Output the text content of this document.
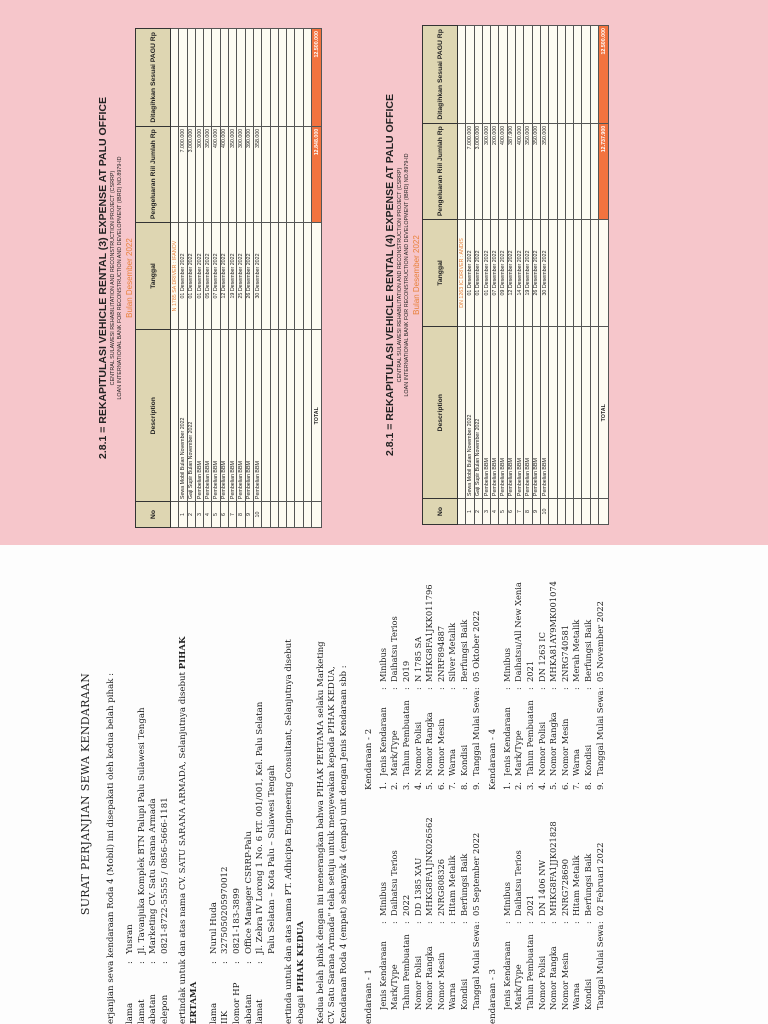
2.8.1 = REKAPITULASI VEHICLE RENTAL (3) EXPENSE AT PALU OFFICE CENTRAL SULAWESI REHABILITATION AND RECONSTRUCTION PROJECT (CSRRP) LOAN INTERNATIONAL BANK FOR RECONSTRUCTION AND DEVELOPMENT (IBRD) NO.8979-ID Bulan Desember 2022
No	Description	Tanggal	Pengeluaran Riil Jumlah Rp	Ditagihkan Sesuai PAGU Rp
		N 1785 SA DRIVER : IFANOV		
1	Sewa Mobil Bulan November 2022	01 Desember 2022	7.000.000	
2	Gaji Supir Bulan November 2022	01 Desember 2022	3.000.000	
3	Pembelian BBM	01 Desember 2022	300.000	
4	Pembelian BBM	05 Desember 2022	350.000	
5	Pembelian BBM	07 Desember 2022	400.000	
6	Pembelian BBM	12 Desember 2022	400.000	
7	Pembelian BBM	19 Desember 2022	350.000	
8	Pembelian BBM	25 Desember 2022	300.000	
9	Pembelian BBM	26 Desember 2022	390.000	
10	Pembelian BBM	30 Desember 2022	358.000	

	TOTAL		12.848.000	12.500.000
2.8.1 = REKAPITULASI VEHICLE RENTAL (4) EXPENSE AT PALU OFFICE CENTRAL SULAWESI REHABILITATION AND RECONSTRUCTION PROJECT (CSRRP) LOAN INTERNATIONAL BANK FOR RECONSTRUCTION AND DEVELOPMENT (IBRD) NO.8979-ID Bulan Desember 2022
No	Description	Tanggal	Pengeluaran Riil Jumlah Rp	Ditagihkan Sesuai PAGU Rp
		DN 1263 IC DRIVER : ANDIS		
1	Sewa Mobil Bulan November 2022	01 Desember 2022	7.000.000	
2	Gaji Supir Bulan November 2022	01 Desember 2022	3.000.000	
3	Pembelian BBM	01 Desember 2022	300.000	
4	Pembelian BBM	07 Desember 2022	200.000	
5	Pembelian BBM	09 Desember 2022	400.000	
6	Pembelian BBM	12 Desember 2022	387.900	
7	Pembelian BBM	14 Desember 2022	400.000	
8	Pembelian BBM	19 Desember 2022	350.000	
9	Pembelian BBM	26 Desember 2022	350.000	
10	Pembelian BBM	30 Desember 2022	350.000	

	TOTAL		12.737.900	12.500.000
SURAT PERJANJIAN SEWA KENDARAAN erjanjian sewa kendaraan Roda 4 (Mobil) ini disepakati oleh kedua belah pihak : lama
:
Yusran
lamat
:
Jl. Tavanjuka Komplek BTN Palupi Palu Sulawesi Tengah
abatan
:
Marketing CV. Satu Sarana Armada
elepon
:
0821-8722-55555 / 0856-5666-1181 ertindak untuk dan atas nama CV. SATU SARANA ARMADA, Selanjutnya disebut PIHAK
ERTAMA lama
:
Nurul Huda
IIK
:
3275050205970012
lomor HP
:
0821-183-3899
abatan
:
Office Manager CSRRP-Palu
lamat
:
Jl. Zebra IV Lorong 1 No. 6 RT. 001/001, Kel. Palu Selatan Palu Selatan – Kota Palu – Sulawesi Tengah ertinda untuk dan atas nama PT. Adhicipta Engineering Consultant, Selanjutnya disebut ebagai PIHAK KEDUA Kedua belah pihak dengan ini menerangkan bahwa PIHAK PERTAMA selaku Marketing CV. Satu Sarana Armada" telah setuju untuk menyewakan kepada PIHAK KEDUA, Kendaraan Roda 4 (empat) sebanyak 4 (empat) unit dengan Jenis Kendaraan sbb : endaraan - 1 Jenis Kendaraan
:
Minibus
Mark/Type
:
Daihatsu Terios
Tahun Pembuatan
:
2022
Nomor Polisi
:
DD 1385 XAU
Nomor Rangka
:
MHKG8FA1JNK026562
Nomor Mesin
:
2NRG808326
Warna
:
Hitam Metalik
Kondisi
:
Berfungsi Baik
Tanggal Mulai Sewa
:
05 September 2022
Kendaraan - 2 1.
Jenis Kendaraan
:
Minibus
2.
Mark/Type
:
Daihatsu Terios
3.
Tahun Pembuatan
:
2019
4.
Nomor Polisi
:
N 1785 SA
5.
Nomor Rangka
:
MHKG8FA1JKK011796
6.
Nomor Mesin
:
2NRF894887
7.
Warna
:
Silver Metalik
8.
Kondisi
:
Berfungsi Baik
9.
Tanggal Mulai Sewa
:
05 Oktober 2022
endaraan - 3 Jenis Kendaraan
:
Minibus
Mark/Type
:
Daihatsu Terios
Tahun Pembuatan
:
2021
Nomor Polisi
:
DN 1406 NW
Nomor Rangka
:
MHKG8FA1JJK021828
Nomor Mesin
:
2NRG728690
Warna
:
Hitam Metalik
Kondisi
:
Berfungsi Baik
Tanggal Mulai Sewa
:
02 Februari 2022
Kendaraan - 4 1.
Jenis Kendaraan
:
Minibus
2.
Mark/Type
:
Daihatsu/All New Xenia
3.
Tahun Pembuatan
:
2021
4.
Nomor Polisi
:
DN 1263 IC
5.
Nomor Rangka
:
MHKA81AY9MK001074
6.
Nomor Mesin
:
2NRG740581
7.
Warna
:
Merah Metalik
8.
Kondisi
:
Berfungsi Baik
9.
Tanggal Mulai Sewa
:
05 November 2022
